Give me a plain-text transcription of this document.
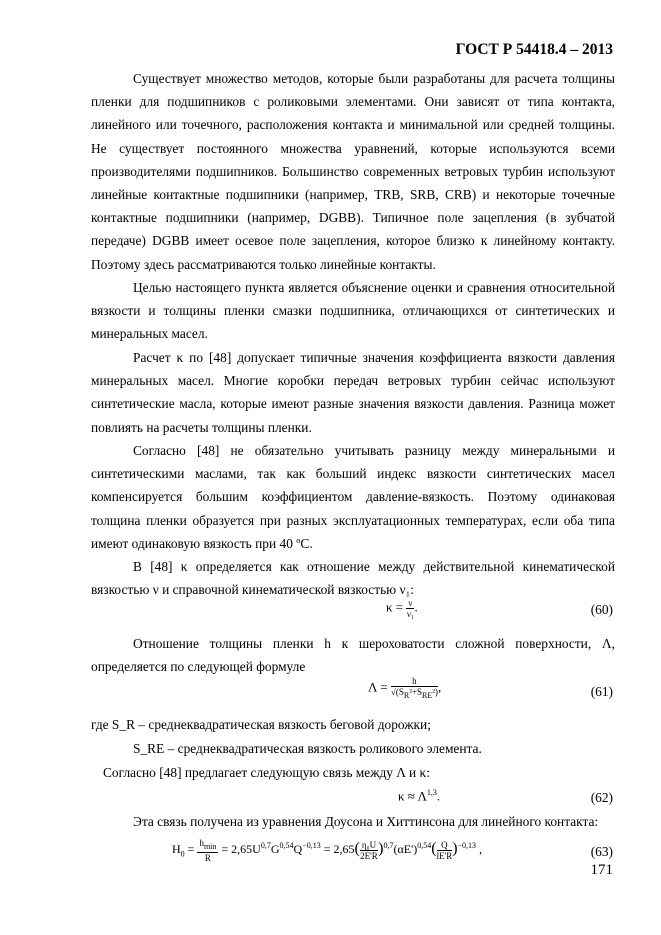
ГОСТ Р 54418.4 – 2013

Существует множество методов, которые были разработаны для расчета толщины пленки для подшипников с роликовыми элементами. Они зависят от типа контакта, линейного или точечного, расположения контакта и минимальной или средней толщины. Не существует постоянного множества уравнений, которые используются всеми производителями подшипников. Большинство современных ветровых турбин используют линейные контактные подшипники (например, TRB, SRB, CRB) и некоторые точечные контактные подшипники (например, DGBB). Типичное поле зацепления (в зубчатой передаче) DGBB имеет осевое поле зацепления, которое близко к линейному контакту. Поэтому здесь рассматриваются только линейные контакты.

Целью настоящего пункта является объяснение оценки и сравнения относительной вязкости и толщины пленки смазки подшипника, отличающихся от синтетических и минеральных масел.

Расчет κ по [48] допускает типичные значения коэффициента вязкости давления минеральных масел. Многие коробки передач ветровых турбин сейчас используют синтетические масла, которые имеют разные значения вязкости давления. Разница может повлиять на расчеты толщины пленки.

Согласно [48] не обязательно учитывать разницу между минеральными и синтетическими маслами, так как больший индекс вязкости синтетических масел компенсируется большим коэффициентом давление-вязкость. Поэтому одинаковая толщина пленки образуется при разных эксплуатационных температурах, если оба типа имеют одинаковую вязкость при 40 ºС.

В [48] κ определяется как отношение между действительной кинематической вязкостью ν и справочной кинематической вязкостью ν₁:

$\kappa = \frac{\nu}{\text{ν₁}}$ .	(60)

Отношение толщины пленки h к шероховатости сложной поверхности, Λ, определяется по следующей формуле

$\Lambda = \frac{h}{√(S_R^2+S_{RE}^2)}$ ,	(61)
где S_R – среднеквадратическая вязкость беговой дорожки;
S_RE – среднеквадратическая вязкость роликового элемента.
Согласно [48] предлагает следующую связь между Λ и κ:
κ ≈ Λ$^{1,3}$.	(62)
Эта связь получена из уравнения Доусона и Хиттинсона для линейного контакта:
$H_0 = \frac{h_{min}}{R} = 2,65U^{0,7}G^{0,54}Q^{-0,13} = 2,65( \frac{\text{η₀U}}{2E'R} )^{0,7}(\alpha E')^{0,54}( \frac{Q}{lE'R} )^{-0,13}$ ,	(63)
171
